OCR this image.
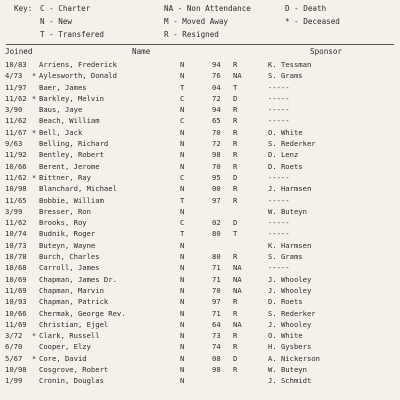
Key: C - Charter	NA - Non Attendance	D - Death
N - New	M - Moved Away	* - Deceased
T - Transfered	R - Resigned
Joined	Name	Sponsor
10/83 Arriens, Frederick	N	94 R	K. Tessman
4/73 * Aylesworth, Donald	N	76 NA	S. Grams
11/97 Baer, James	T	04 T	-----
11/62 * Barkley, Melvin	C	72 D	-----
3/90 Baus, Jaye	N	94 R	-----
11/62 Beach, William	C	65 R	-----
11/67 * Bell, Jack	N	70 R	O. White
9/63 Belling, Richard	N	72 R	S. Rederker
11/92 Bentley, Robert	N	98 R	D. Lenz
10/66 Berent, Jerome	N	70 R	D. Roets
11/62 * Bittner, Ray	C	95 D	-----
10/98 Blanchard, Michael	N	00 R	J. Harmsen
11/65 Bobbie, William	T	97 R	-----
3/99 Bresser, Ron	N	W. Buteyn
11/62 Brooks, Roy	C	02 D	-----
10/74 Budnik, Roger	T	80 T	-----
10/73 Buteyn, Wayne	N	K. Harmsen
10/78 Burch, Charles	N	80 R	S. Grams
10/68 Carroll, James	N	71 NA	-----
10/69 Chapman, James Dr.	N	71 NA	J. Whooley
11/69 Chapman, Marvin	N	70 NA	J. Whooley
10/93 Chapman, Patrick	N	97 R	D. Roets
10/66 Chermak, George Rev.	N	71 R	S. Rederker
11/69 Christian, Ejgel	N	64 NA	J. Whooley
3/72 * Clark, Russell	N	73 R	O. White
6/70 Cooper, Elzy	N	74 R	H. Gysbers
5/67 * Core, David	N	08 D	A. Nickerson
10/98 Cosgrove, Robert	N	98 R	W. Buteyn
1/99 Cronin, Douglas	N	J. Schmidt
